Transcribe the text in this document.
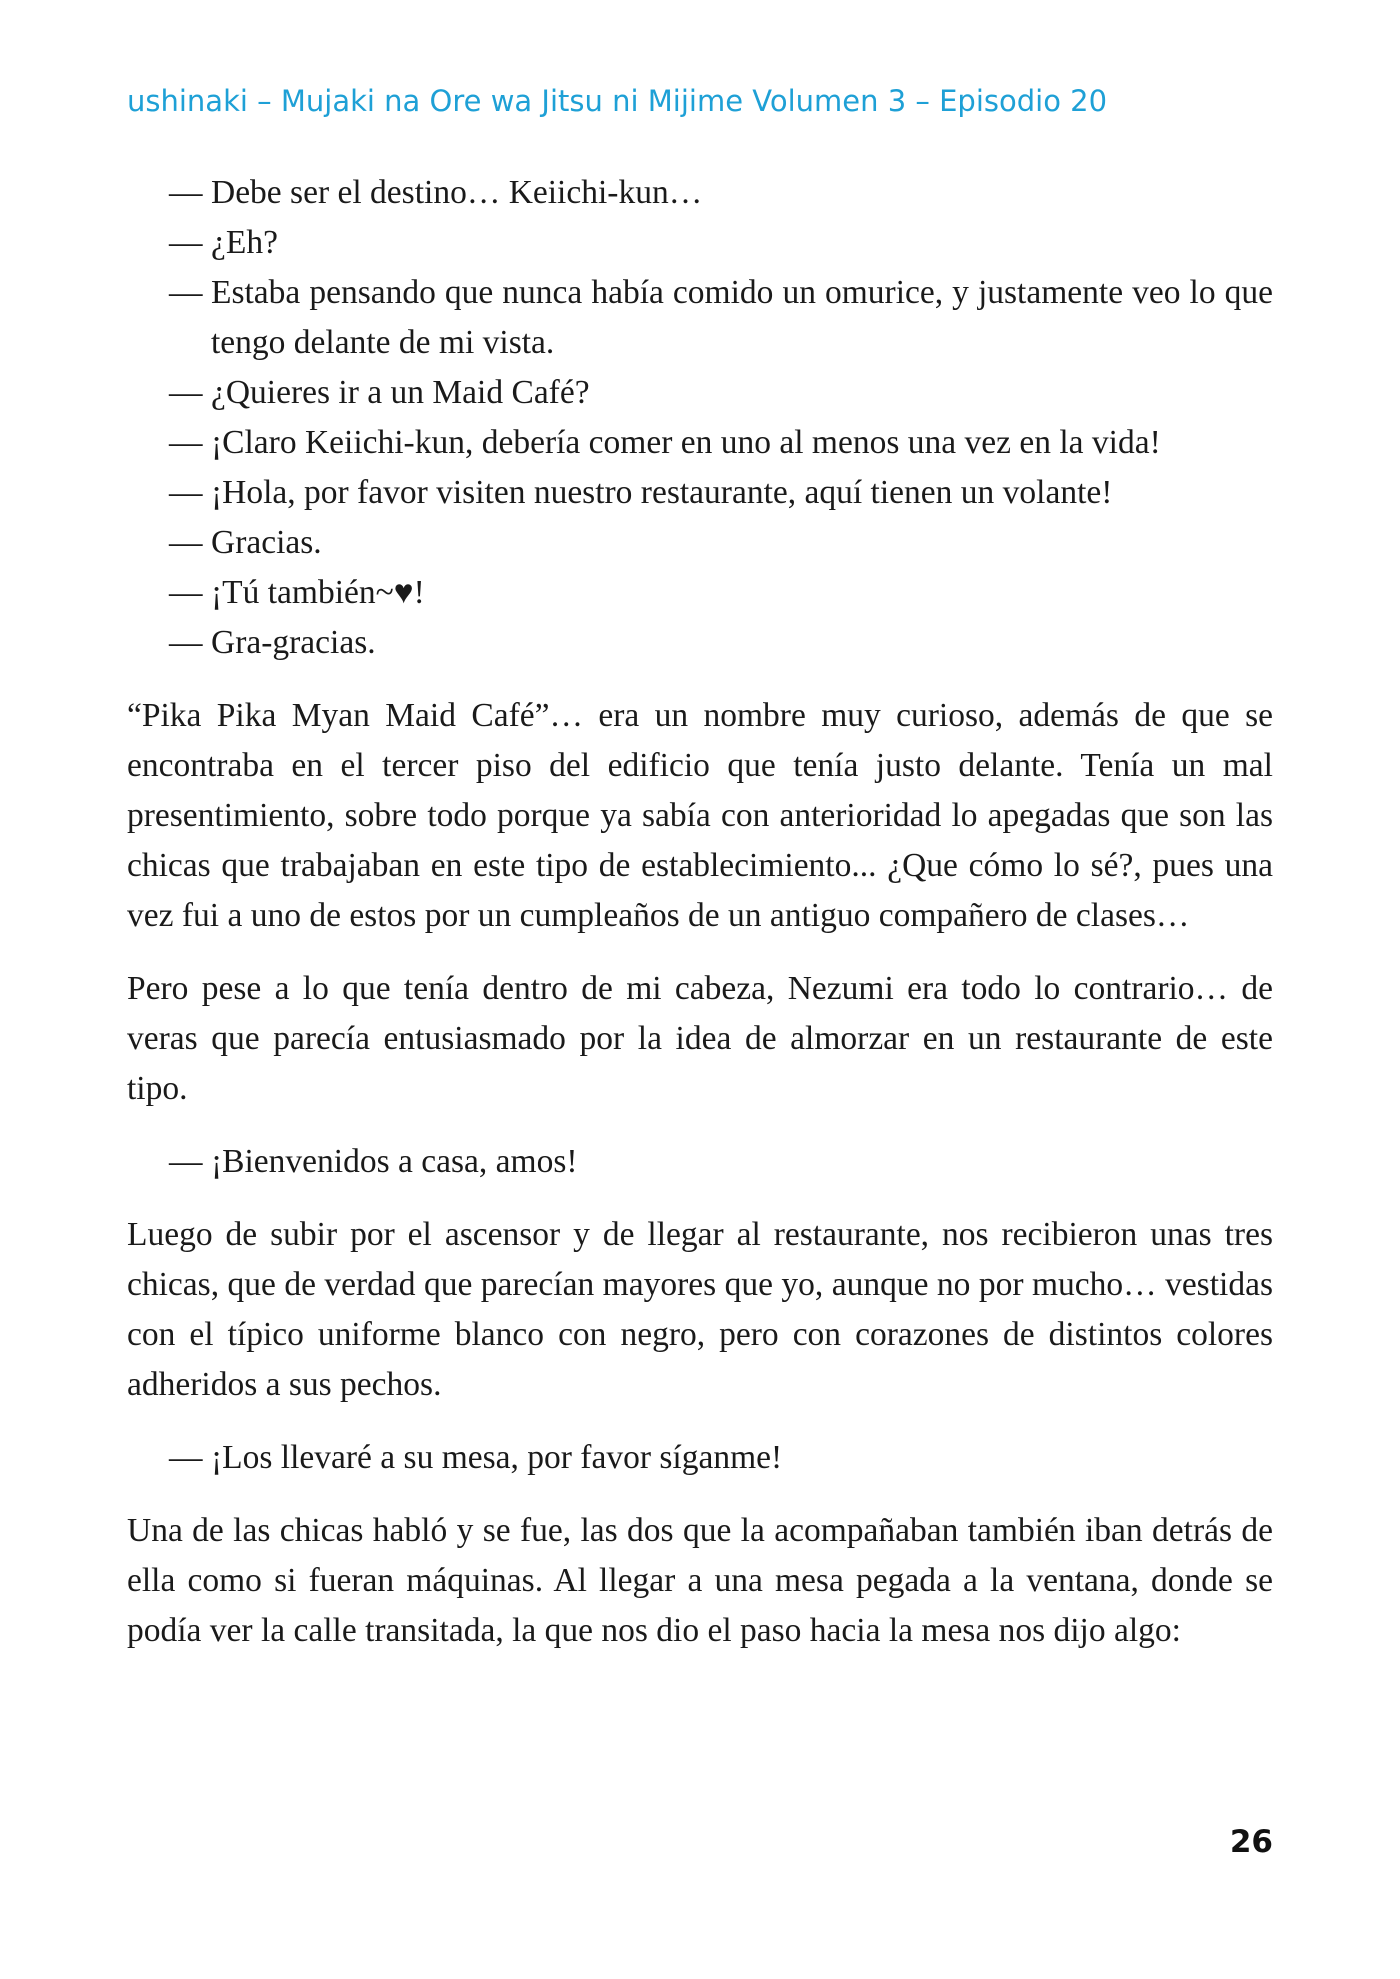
ushinaki – Mujaki na Ore wa Jitsu ni Mijime Volumen 3 – Episodio 20
— Debe ser el destino… Keiichi-kun…
— ¿Eh?
— Estaba pensando que nunca había comido un omurice, y justamente veo lo que tengo delante de mi vista.
— ¿Quieres ir a un Maid Café?
— ¡Claro Keiichi-kun, debería comer en uno al menos una vez en la vida!
— ¡Hola, por favor visiten nuestro restaurante, aquí tienen un volante!
— Gracias.
— ¡Tú también~♥!
— Gra-gracias.

“Pika Pika Myan Maid Café”… era un nombre muy curioso, además de que se encontraba en el tercer piso del edificio que tenía justo delante. Tenía un mal presentimiento, sobre todo porque ya sabía con anterioridad lo apegadas que son las chicas que trabajaban en este tipo de establecimiento... ¿Que cómo lo sé?, pues una vez fui a uno de estos por un cumpleaños de un antiguo compañero de clases…

Pero pese a lo que tenía dentro de mi cabeza, Nezumi era todo lo contrario… de veras que parecía entusiasmado por la idea de almorzar en un restaurante de este tipo.

— ¡Bienvenidos a casa, amos!

Luego de subir por el ascensor y de llegar al restaurante, nos recibieron unas tres chicas, que de verdad que parecían mayores que yo, aunque no por mucho… vestidas con el típico uniforme blanco con negro, pero con corazones de distintos colores adheridos a sus pechos.

— ¡Los llevaré a su mesa, por favor síganme!

Una de las chicas habló y se fue, las dos que la acompañaban también iban detrás de ella como si fueran máquinas. Al llegar a una mesa pegada a la ventana, donde se podía ver la calle transitada, la que nos dio el paso hacia la mesa nos dijo algo:

26
